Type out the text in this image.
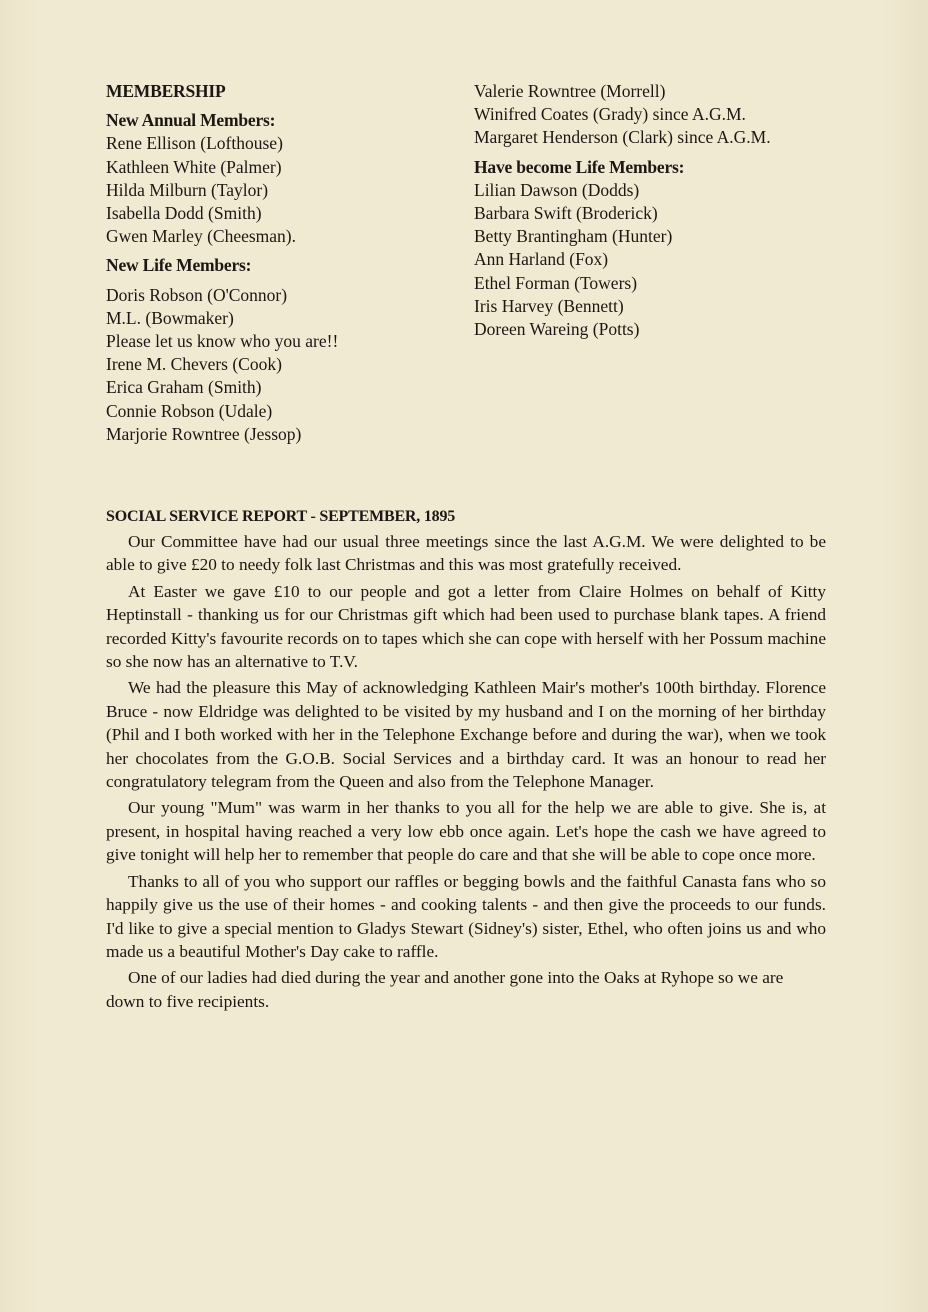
MEMBERSHIP
New Annual Members:
Rene Ellison (Lofthouse)
Kathleen White (Palmer)
Hilda Milburn (Taylor)
Isabella Dodd (Smith)
Gwen Marley (Cheesman).
New Life Members:
Doris Robson (O'Connor)
M.L. (Bowmaker)
Please let us know who you are!!
Irene M. Chevers (Cook)
Erica Graham (Smith)
Connie Robson (Udale)
Marjorie Rowntree (Jessop)
Valerie Rowntree (Morrell)
Winifred Coates (Grady) since A.G.M.
Margaret Henderson (Clark) since A.G.M.
Have become Life Members:
Lilian Dawson (Dodds)
Barbara Swift (Broderick)
Betty Brantingham (Hunter)
Ann Harland (Fox)
Ethel Forman (Towers)
Iris Harvey (Bennett)
Doreen Wareing (Potts)
SOCIAL SERVICE REPORT - SEPTEMBER, 1895

Our Committee have had our usual three meetings since the last A.G.M. We were delighted to be able to give £20 to needy folk last Christmas and this was most gratefully received.

At Easter we gave £10 to our people and got a letter from Claire Holmes on behalf of Kitty Heptinstall - thanking us for our Christmas gift which had been used to purchase blank tapes. A friend recorded Kitty's favourite records on to tapes which she can cope with herself with her Possum machine so she now has an alternative to T.V.

We had the pleasure this May of acknowledging Kathleen Mair's mother's 100th birthday. Florence Bruce - now Eldridge was delighted to be visited by my husband and I on the morning of her birthday (Phil and I both worked with her in the Telephone Exchange before and during the war), when we took her chocolates from the G.O.B. Social Services and a birthday card. It was an honour to read her congratulatory telegram from the Queen and also from the Telephone Manager.

Our young "Mum" was warm in her thanks to you all for the help we are able to give. She is, at present, in hospital having reached a very low ebb once again. Let's hope the cash we have agreed to give tonight will help her to remember that people do care and that she will be able to cope once more.

Thanks to all of you who support our raffles or begging bowls and the faithful Canasta fans who so happily give us the use of their homes - and cooking talents - and then give the proceeds to our funds. I'd like to give a special mention to Gladys Stewart (Sidney's) sister, Ethel, who often joins us and who made us a beautiful Mother's Day cake to raffle.

One of our ladies had died during the year and another gone into the Oaks at Ryhope so we are down to five recipients.
